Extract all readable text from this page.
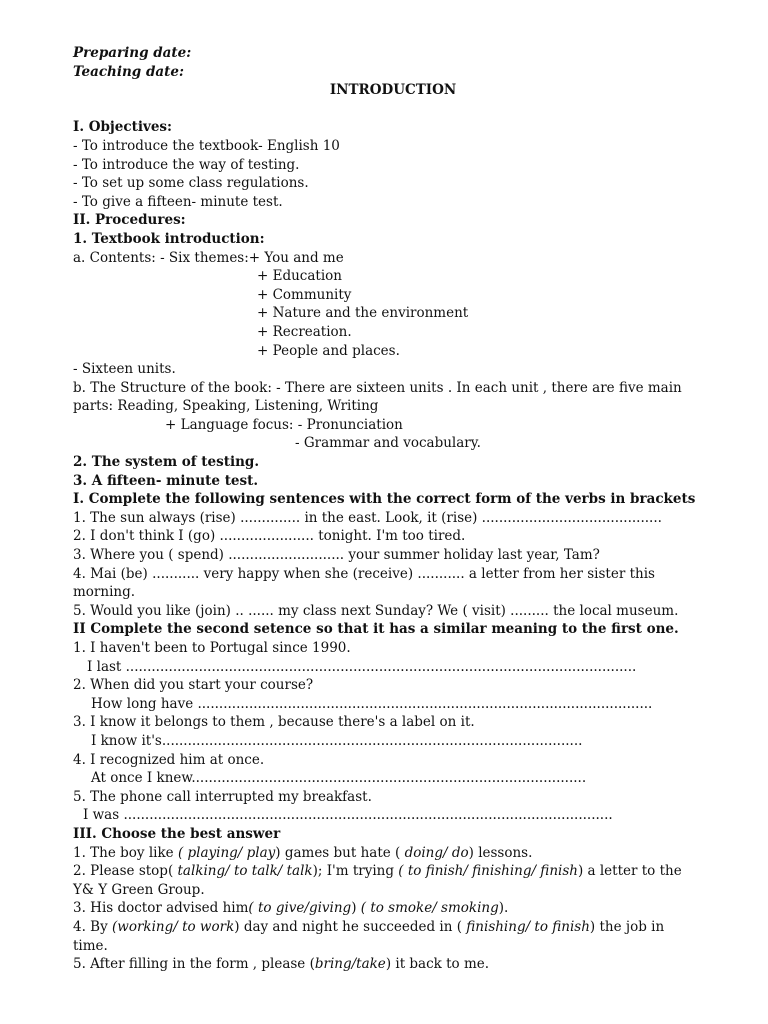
Preparing date:
Teaching date:
INTRODUCTION
I. Objectives:
- To introduce the textbook- English 10
- To introduce the way of testing.
- To set up some class regulations.
- To give a fifteen- minute test.
II. Procedures:
1. Textbook introduction:
a. Contents: - Six themes:+ You and me
+ Education
+ Community
+ Nature and the environment
+ Recreation.
+ People and places.
- Sixteen units.
b. The Structure of the book: - There are sixteen units . In each unit , there are five main
parts: Reading, Speaking, Listening, Writing
+ Language focus: - Pronunciation
- Grammar and vocabulary.
2. The system of testing.
3. A fifteen- minute test.
I. Complete the following sentences with the correct form of the verbs in brackets
1. The sun always (rise) .............. in the east. Look, it (rise) ..........................................
2. I don't think I (go) ...................... tonight. I'm too tired.
3. Where you ( spend) ........................... your summer holiday last year, Tam?
4. Mai (be) ........... very happy when she (receive) ........... a letter from her sister this
morning.
5. Would you like (join) .. ...... my class next Sunday? We ( visit) ......... the local museum.
II Complete the second setence so that it has a similar meaning to the first one.
1. I haven't been to Portugal since 1990.
I last .......................................................................................................................
2. When did you start your course?
How long have ..........................................................................................................
3. I know it belongs to them , because there's a label on it.
I know it's..................................................................................................
4. I recognized him at once.
At once I knew............................................................................................
5. The phone call interrupted my breakfast.
I was ..................................................................................................................
III. Choose the best answer
1. The boy like ( playing/ play) games but hate ( doing/ do) lessons.
2. Please stop( talking/ to talk/ talk); I'm trying ( to finish/ finishing/ finish) a letter to the
Y& Y Green Group.
3. His doctor advised him( to give/giving) ( to smoke/ smoking).
4. By (working/ to work) day and night he succeeded in ( finishing/ to finish) the job in
time.
5. After filling in the form , please (bring/take) it back to me.
